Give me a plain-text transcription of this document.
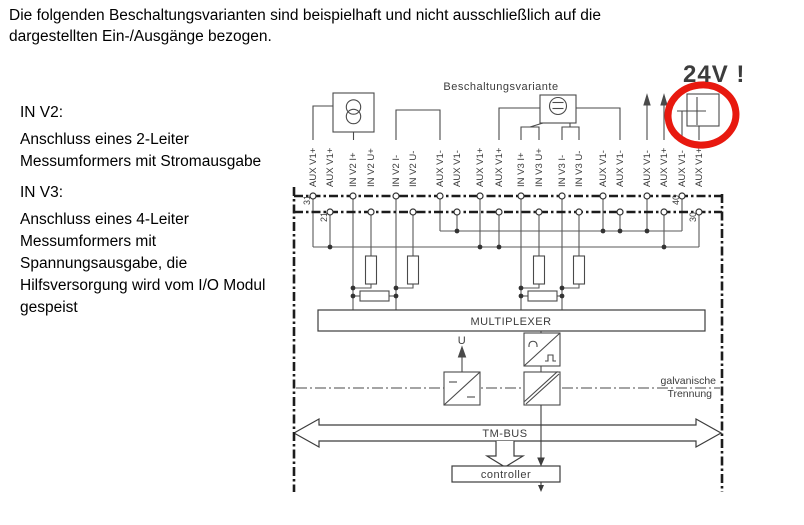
Die folgenden Beschaltungsvarianten sind beispielhaft und nicht ausschließlich auf die
dargestellten Ein-/Ausgänge bezogen.
IN V2:
Anschluss eines 2-Leiter
Messumformers mit Stromausgabe
IN V3:
Anschluss eines 4-Leiter
Messumformers mit
Spannungsausgabe, die
Hilfsversorgung wird vom I/O Modul
gespeist
Beschaltungsvariante
AUX V1+ AUX V1+ IN V2 I+ IN V2 U+ IN V2 I- IN V2 U- AUX V1- AUX V1- AUX V1+ AUX V1+ IN V3 I+ IN V3 U+ IN V3 I- IN V3 U- AUX V1- AUX V1- AUX V1- AUX V1+ AUX V1- AUX V1+
MULTIPLEXER
U
galvanische
Trennung
TM-BUS
controller
31
21
40
30
24V !
